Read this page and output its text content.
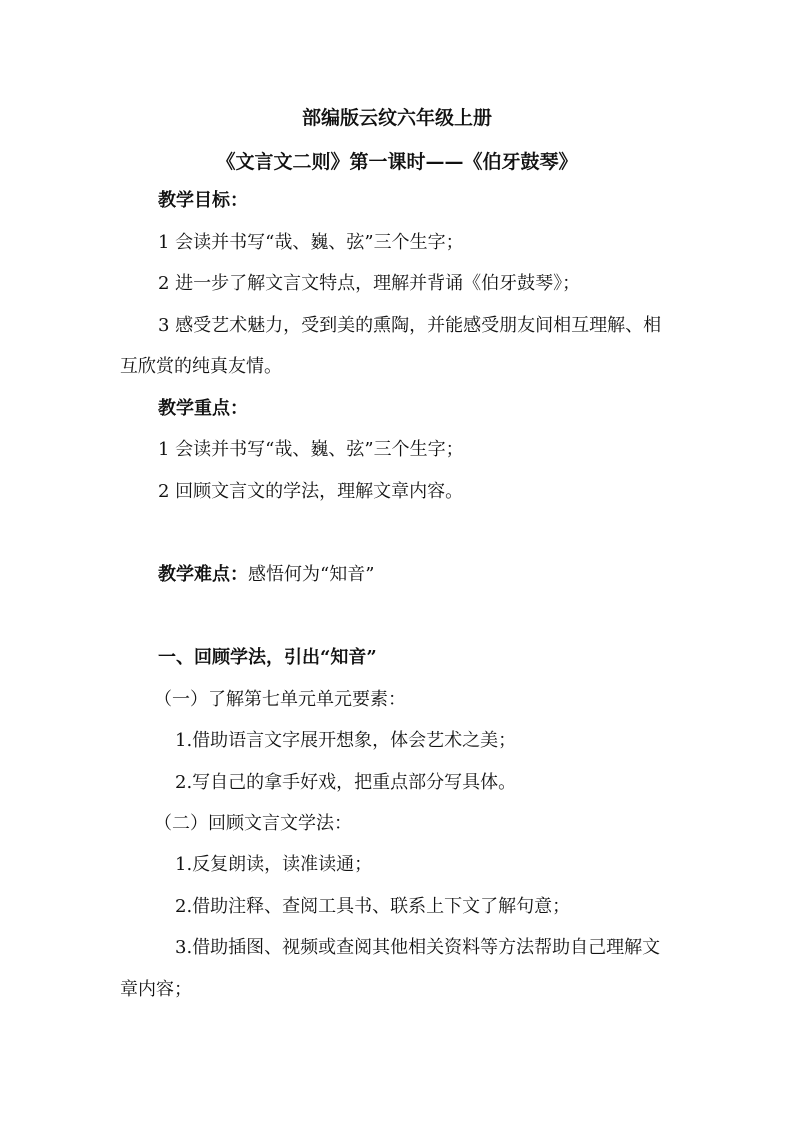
部编版云纹六年级上册
《文言文二则》第一课时——《伯牙鼓琴》
教学目标：
1 会读并书写“哉、巍、弦”三个生字；
2 进一步了解文言文特点，理解并背诵《伯牙鼓琴》；
3 感受艺术魅力，受到美的熏陶，并能感受朋友间相互理解、相
互欣赏的纯真友情。
教学重点：
1 会读并书写“哉、巍、弦”三个生字；
2 回顾文言文的学法，理解文章内容。
教学难点：感悟何为“知音”
一、回顾学法，引出“知音”
（一）了解第七单元单元要素：
1.借助语言文字展开想象，体会艺术之美；
2.写自己的拿手好戏，把重点部分写具体。
（二）回顾文言文学法：
1.反复朗读，读准读通；
2.借助注释、查阅工具书、联系上下文了解句意；
3.借助插图、视频或查阅其他相关资料等方法帮助自己理解文
章内容；
